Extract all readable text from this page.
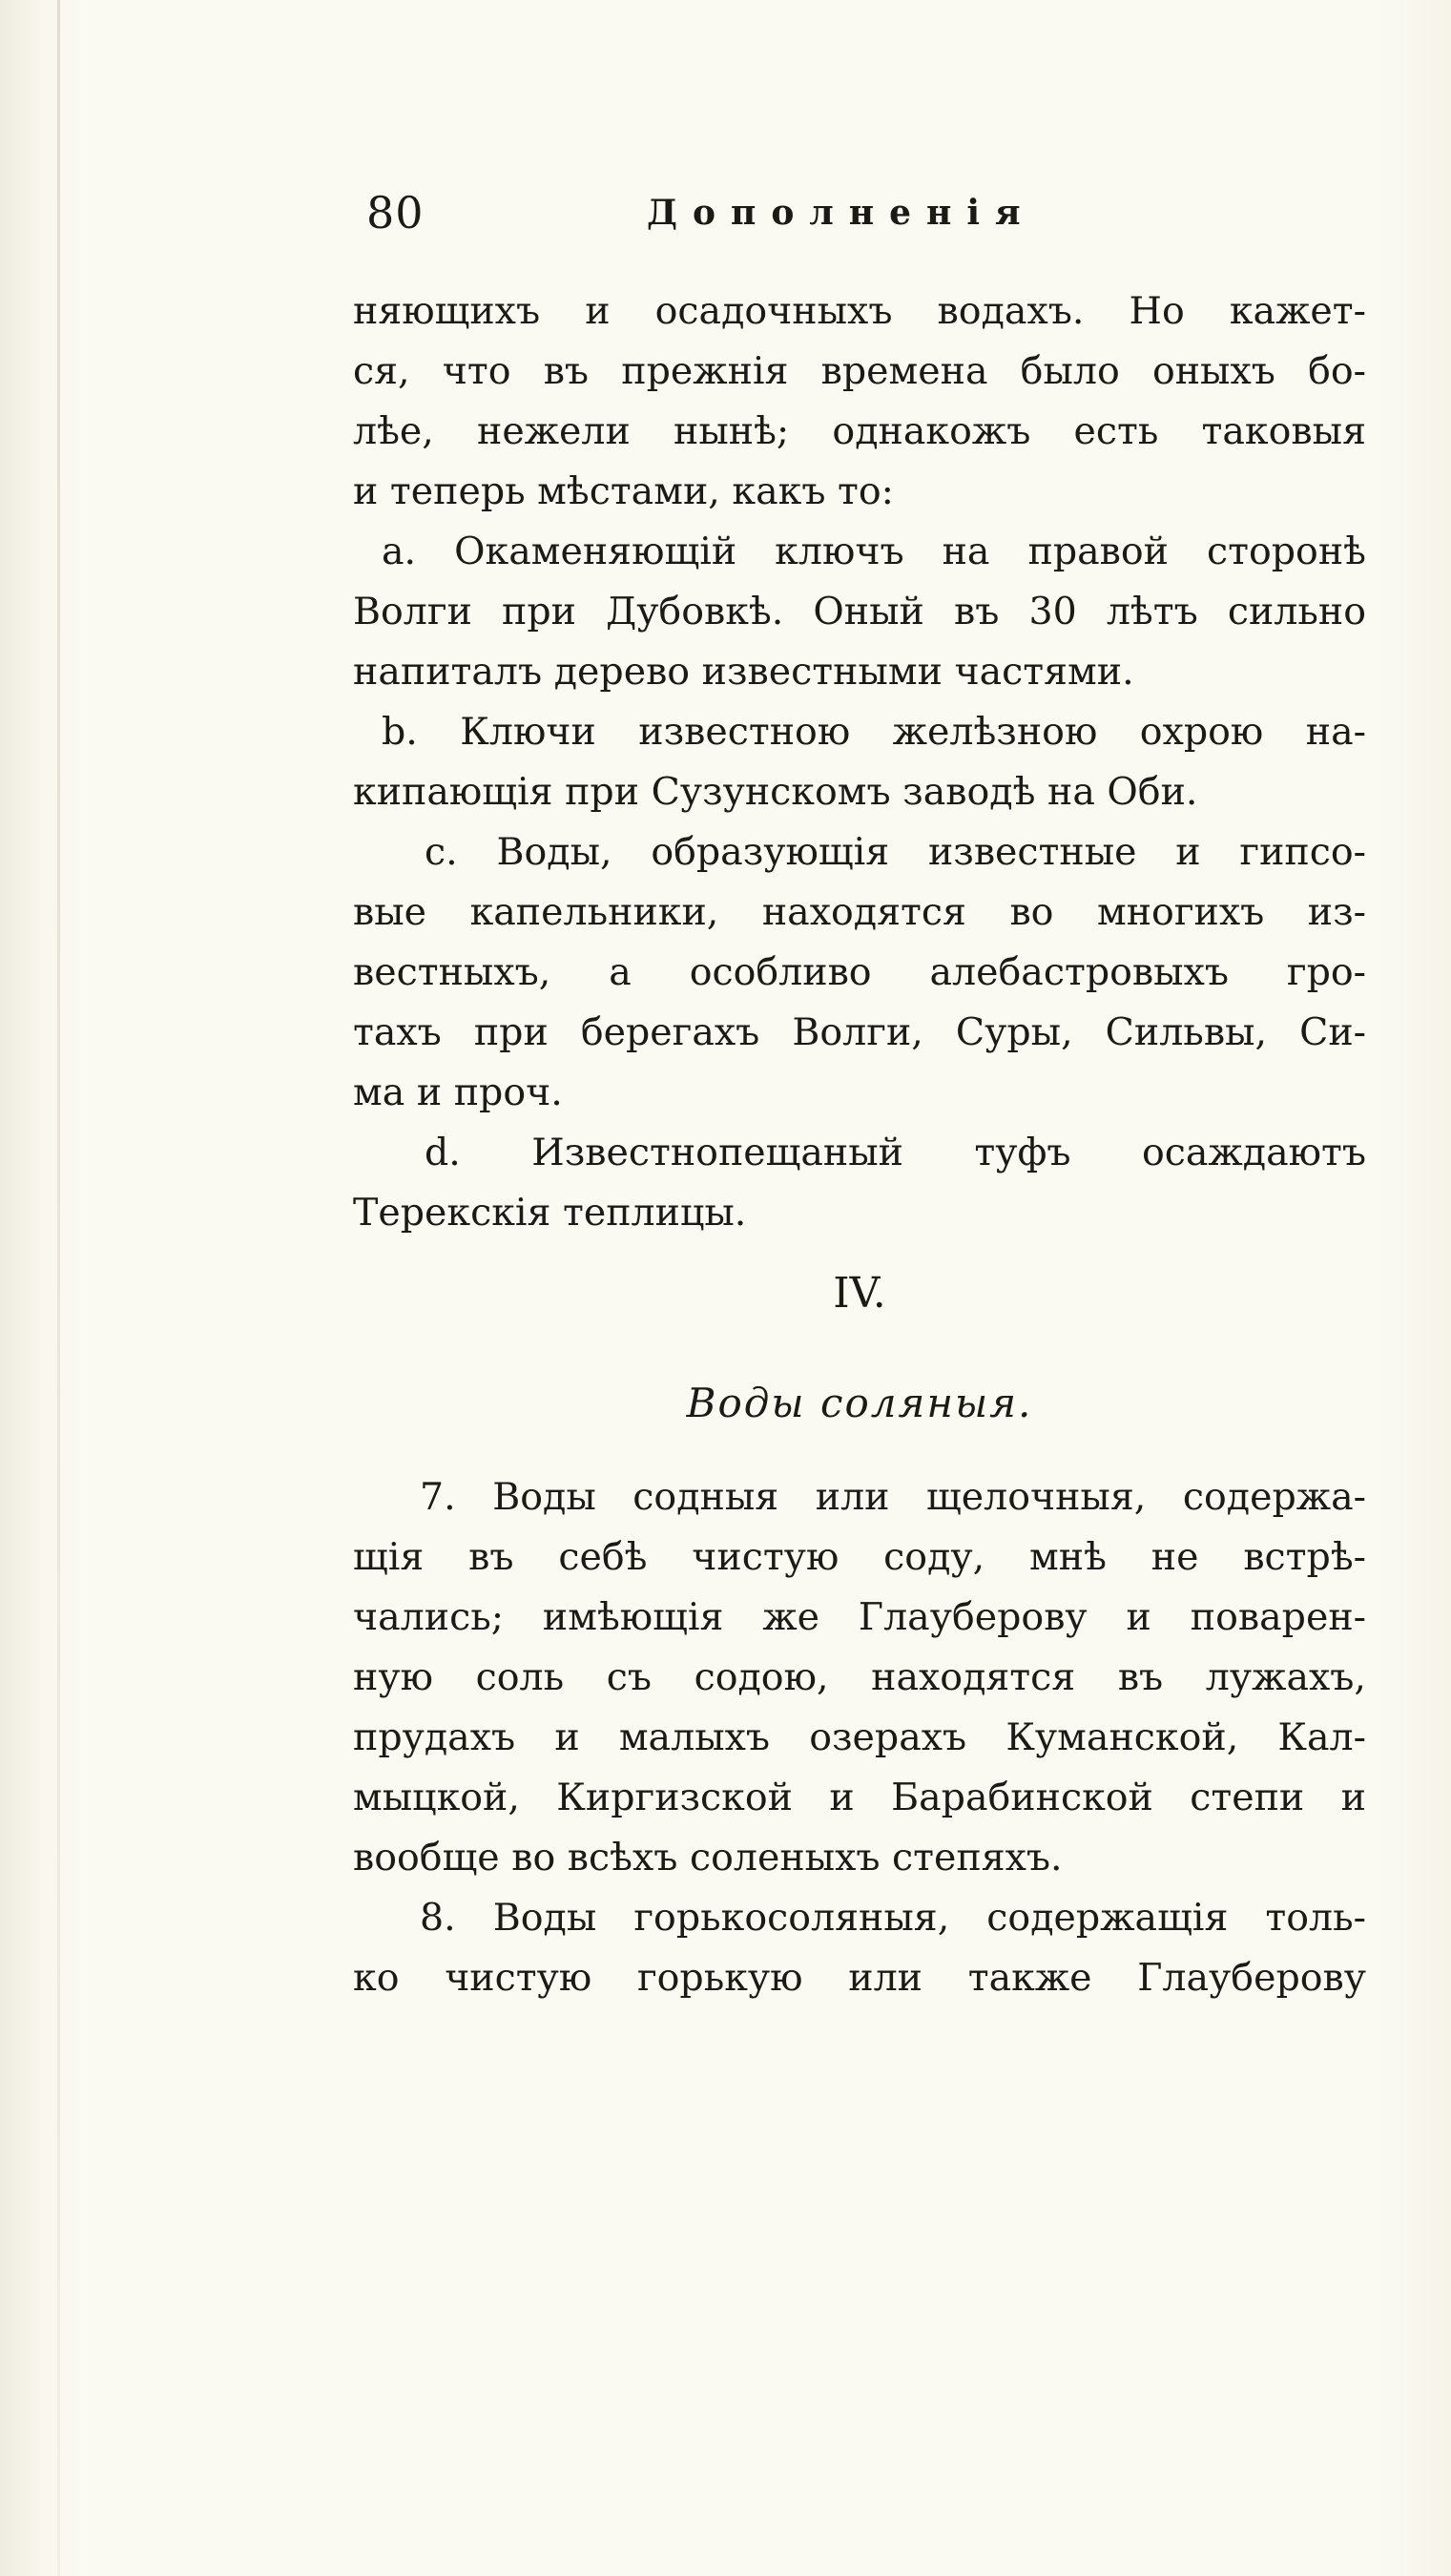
80	Дополненія
няющихъ и осадочныхъ водахъ. Но кажет-
ся, что въ прежнія времена было оныхъ бо-
лѣе, нежели нынѣ; однакожъ есть таковыя
и теперь мѣстами, какъ то:
а. Окаменяющій ключъ на правой сторонѣ
Волги при Дубовкѣ. Оный въ 30 лѣтъ сильно
напиталъ дерево известными частями.
b. Ключи известною желѣзною охрою на-
кипающія при Сузунскомъ заводѣ на Оби.
с. Воды, образующія известные и гипсо-
вые капельники, находятся во многихъ из-
вестныхъ, а особливо алебастровыхъ гро-
тахъ при берегахъ Волги, Суры, Сильвы, Си-
ма и проч.
d. Известнопещаный туфъ осаждаютъ
Терекскія теплицы.
IV.
Воды соляныя.
7. Воды содныя или щелочныя, содержа-
щія въ себѣ чистую соду, мнѣ не встрѣ-
чались; имѣющія же Глауберову и поварен-
ную соль съ содою, находятся въ лужахъ,
прудахъ и малыхъ озерахъ Куманской, Кал-
мыцкой, Киргизской и Барабинской степи и
вообще во всѣхъ соленыхъ степяхъ.
8. Воды горькосоляныя, содержащія толь-
ко чистую горькую или также Глауберову
